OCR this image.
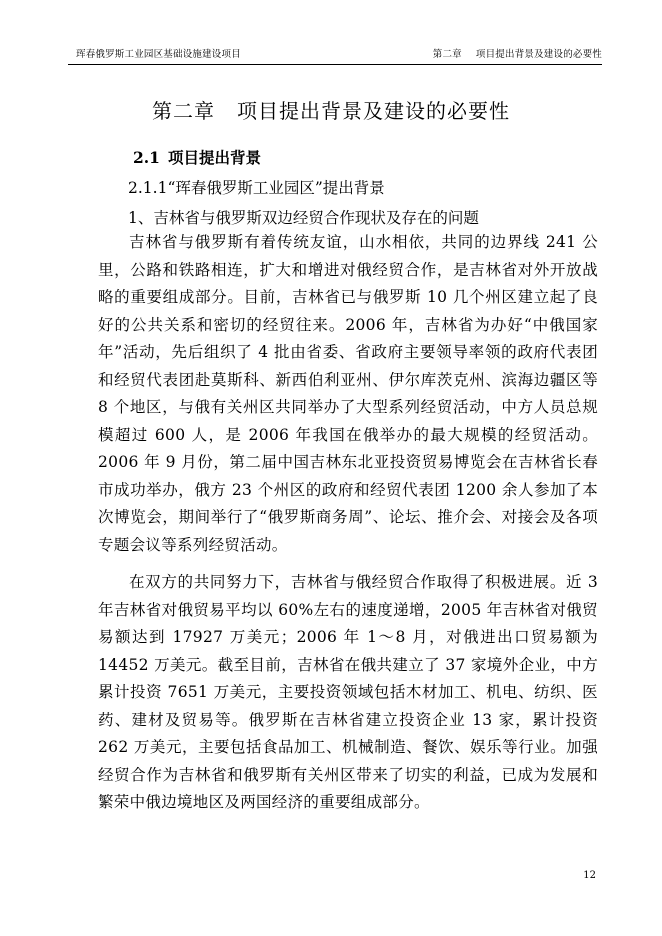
珲春俄罗斯工业园区基础设施建设项目	第二章 项目提出背景及建设的必要性
第二章 项目提出背景及建设的必要性
2.1 项目提出背景
2.1.1“珲春俄罗斯工业园区”提出背景
1、吉林省与俄罗斯双边经贸合作现状及存在的问题

吉林省与俄罗斯有着传统友谊，山水相依，共同的边界线 241 公里，公路和铁路相连，扩大和增进对俄经贸合作，是吉林省对外开放战略的重要组成部分。目前，吉林省已与俄罗斯 10 几个州区建立起了良好的公共关系和密切的经贸往来。2006 年，吉林省为办好“中俄国家年”活动，先后组织了 4 批由省委、省政府主要领导率领的政府代表团和经贸代表团赴莫斯科、新西伯利亚州、伊尔库茨克州、滨海边疆区等 8 个地区，与俄有关州区共同举办了大型系列经贸活动，中方人员总规模超过 600 人，是 2006 年我国在俄举办的最大规模的经贸活动。2006 年 9 月份，第二届中国吉林东北亚投资贸易博览会在吉林省长春市成功举办，俄方 23 个州区的政府和经贸代表团 1200 余人参加了本次博览会，期间举行了“俄罗斯商务周”、论坛、推介会、对接会及各项专题会议等系列经贸活动。

在双方的共同努力下，吉林省与俄经贸合作取得了积极进展。近 3 年吉林省对俄贸易平均以 60%左右的速度递增，2005 年吉林省对俄贸易额达到 17927 万美元；2006 年 1～8 月，对俄进出口贸易额为 14452 万美元。截至目前，吉林省在俄共建立了 37 家境外企业，中方累计投资 7651 万美元，主要投资领域包括木材加工、机电、纺织、医药、建材及贸易等。俄罗斯在吉林省建立投资企业 13 家，累计投资 262 万美元，主要包括食品加工、机械制造、餐饮、娱乐等行业。加强经贸合作为吉林省和俄罗斯有关州区带来了切实的利益，已成为发展和繁荣中俄边境地区及两国经济的重要组成部分。

12
